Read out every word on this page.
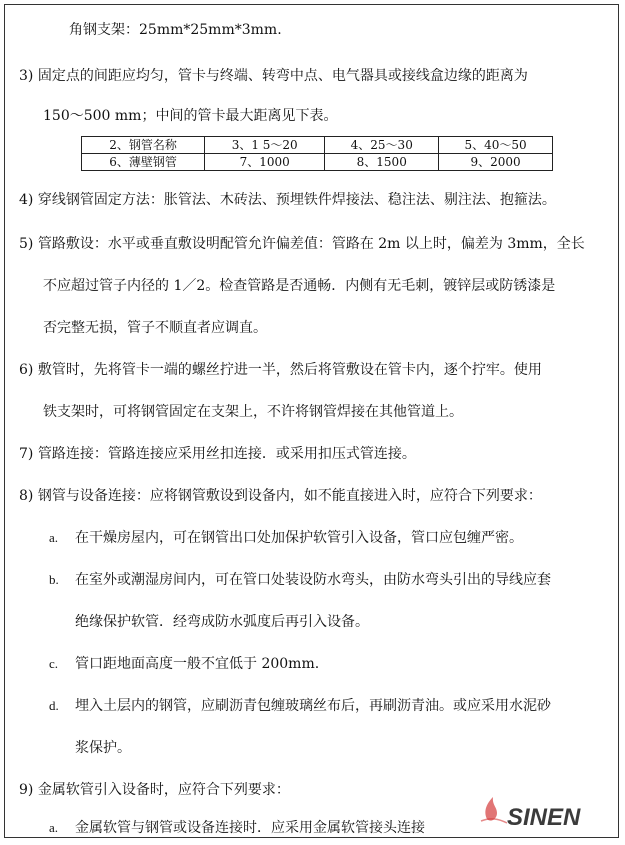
角钢支架：25mm*25mm*3mm.
3) 固定点的间距应均匀，管卡与终端、转弯中点、电气器具或接线盒边缘的距离为
150～500 mm；中间的管卡最大距离见下表。
2、钢管名称	3、1 5～20	4、25～30	5、40～50
6、薄壁钢管	7、1000	8、1500	9、2000
4) 穿线钢管固定方法：胀管法、木砖法、预埋铁件焊接法、稳注法、剔注法、抱箍法。
5) 管路敷设：水平或垂直敷设明配管允许偏差值：管路在 2m 以上时，偏差为 3mm，全长
不应超过管子内径的 1／2。检查管路是否通畅．内侧有无毛刺，镀锌层或防锈漆是
否完整无损，管子不顺直者应调直。
6) 敷管时，先将管卡一端的螺丝拧进一半，然后将管敷设在管卡内，逐个拧牢。使用
铁支架时，可将钢管固定在支架上，不许将钢管焊接在其他管道上。
7) 管路连接：管路连接应采用丝扣连接．或采用扣压式管连接。
8) 钢管与设备连接：应将钢管敷设到设备内，如不能直接进入时，应符合下列要求：
a. 在干燥房屋内，可在钢管出口处加保护软管引入设备，管口应包缠严密。
b. 在室外或潮湿房间内，可在管口处装设防水弯头，由防水弯头引出的导线应套
绝缘保护软管．经弯成防水弧度后再引入设备。
c. 管口距地面高度一般不宜低于 200mm.
d. 埋入土层内的钢管，应刷沥青包缠玻璃丝布后，再刷沥青油。或应采用水泥砂
浆保护。
9) 金属软管引入设备时，应符合下列要求：
a. 金属软管与钢管或设备连接时．应采用金属软管接头连接	SINEN
